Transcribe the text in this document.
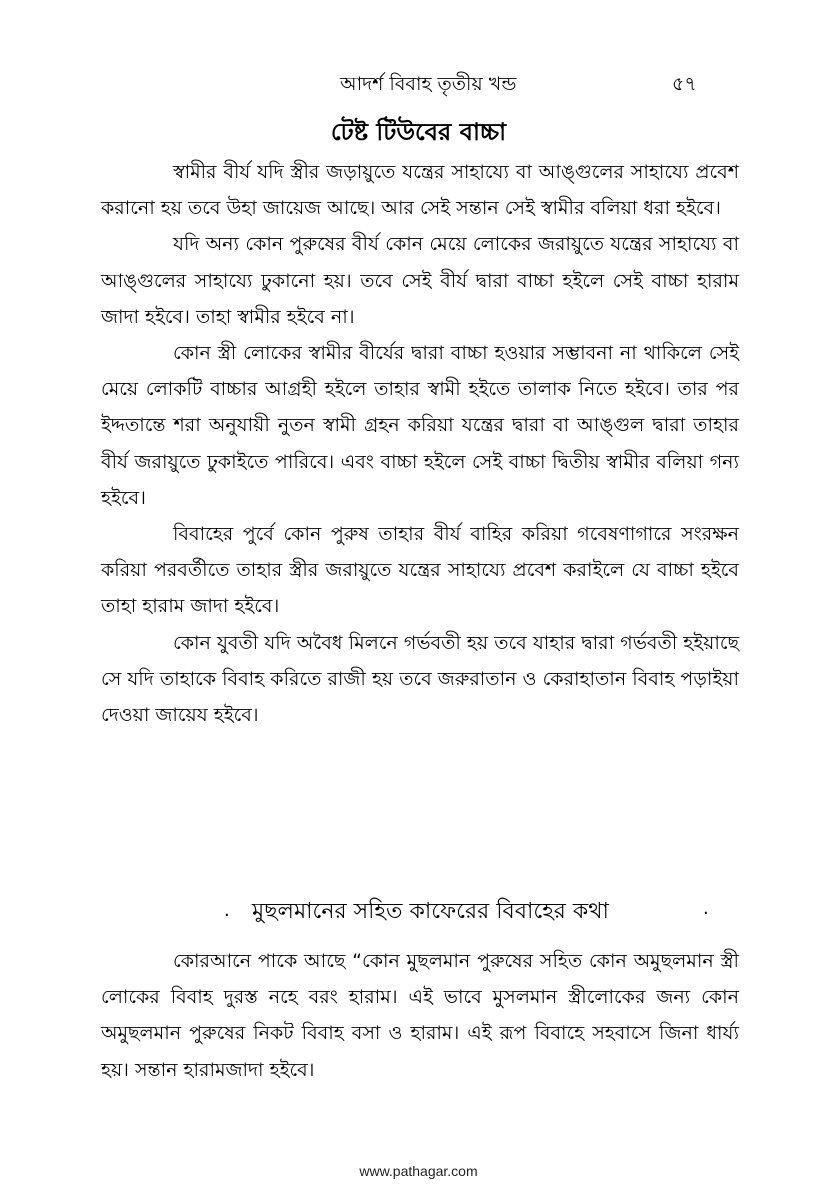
আদর্শ বিবাহ তৃতীয় খন্ড	৫৭
টেষ্ট টিউবের বাচ্চা

স্বামীর বীর্য যদি স্ত্রীর জড়ায়ুতে যন্ত্রের সাহায্যে বা আঙ্গুলের সাহায্যে প্রবেশ করানো হয় তবে উহা জায়েজ আছে। আর সেই সন্তান সেই স্বামীর বলিয়া ধরা হইবে।

যদি অন্য কোন পুরুষের বীর্য কোন মেয়ে লোকের জরায়ুতে যন্ত্রের সাহায্যে বা আঙ্গুলের সাহায্যে ঢুকানো হয়। তবে সেই বীর্য দ্বারা বাচ্চা হইলে সেই বাচ্চা হারাম জাদা হইবে। তাহা স্বামীর হইবে না।

কোন স্ত্রী লোকের স্বামীর বীর্যের দ্বারা বাচ্চা হওয়ার সম্ভাবনা না থাকিলে সেই মেয়ে লোকটি বাচ্চার আগ্রহী হইলে তাহার স্বামী হইতে তালাক নিতে হইবে। তার পর ইদ্দতান্তে শরা অনুযায়ী নুতন স্বামী গ্রহন করিয়া যন্ত্রের দ্বারা বা আঙ্গুল দ্বারা তাহার বীর্য জরায়ুতে ঢুকাইতে পারিবে। এবং বাচ্চা হইলে সেই বাচ্চা দ্বিতীয় স্বামীর বলিয়া গন্য হইবে।

বিবাহের পুর্বে কোন পুরুষ তাহার বীর্য বাহির করিয়া গবেষণাগারে সংরক্ষন করিয়া পরবর্তীতে তাহার স্ত্রীর জরায়ুতে যন্ত্রের সাহায্যে প্রবেশ করাইলে যে বাচ্চা হইবে তাহা হারাম জাদা হইবে।

কোন যুবতী যদি অবৈধ মিলনে গর্ভবতী হয় তবে যাহার দ্বারা গর্ভবতী হইয়াছে সে যদি তাহাকে বিবাহ করিতে রাজী হয় তবে জরুরাতান ও কেরাহাতান বিবাহ পড়াইয়া দেওয়া জায়েয হইবে।

· মুছলমানের সহিত কাফেরের বিবাহের কথা	·

কোরআনে পাকে আছে “কোন মুছলমান পুরুষের সহিত কোন অমুছলমান স্ত্রী লোকের বিবাহ দুরস্ত নহে বরং হারাম। এই ভাবে মুসলমান স্ত্রীলোকের জন্য কোন অমুছলমান পুরুষের নিকট বিবাহ বসা ও হারাম। এই রূপ বিবাহে সহবাসে জিনা ধার্য্য হয়। সন্তান হারামজাদা হইবে।

www.pathagar.com
